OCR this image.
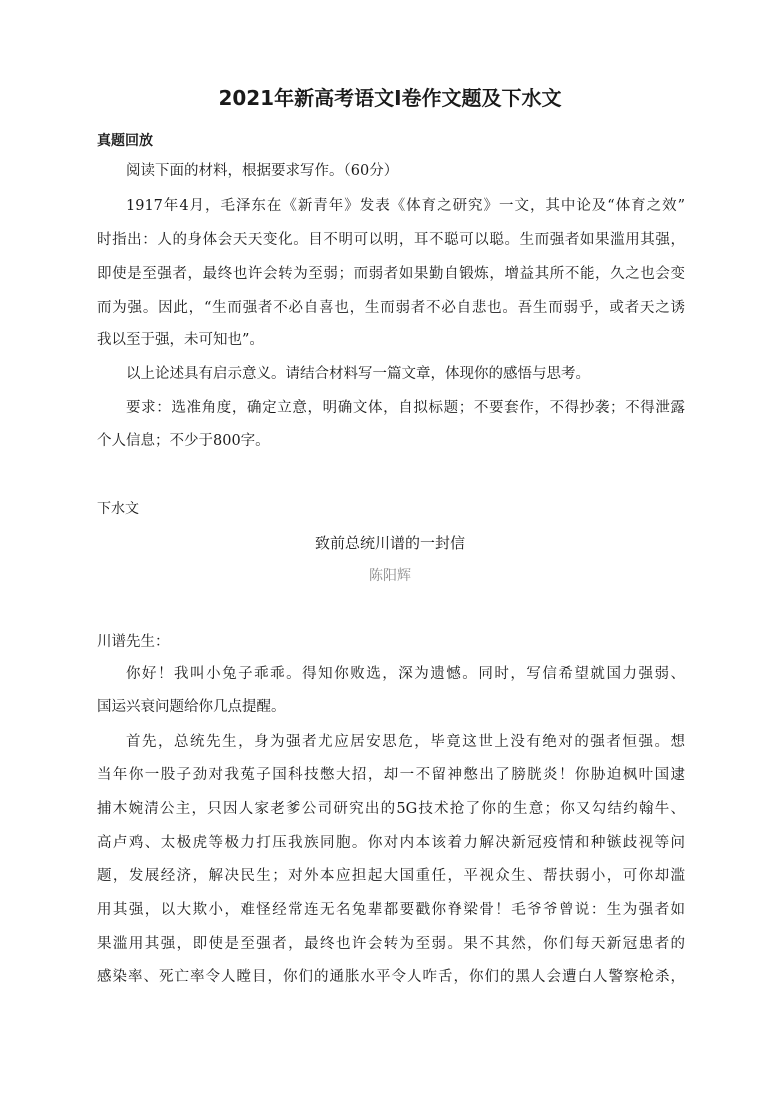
2021年新高考语文Ⅰ卷作文题及下水文
真题回放
阅读下面的材料，根据要求写作。（60分）
1917年4月，毛泽东在《新青年》发表《体育之研究》一文，其中论及“体育之效”
时指出：人的身体会天天变化。目不明可以明，耳不聪可以聪。生而强者如果滥用其强，
即使是至强者，最终也许会转为至弱；而弱者如果勤自锻炼，增益其所不能，久之也会变
而为强。因此，“生而强者不必自喜也，生而弱者不必自悲也。吾生而弱乎，或者天之诱
我以至于强，未可知也”。
以上论述具有启示意义。请结合材料写一篇文章，体现你的感悟与思考。
要求：选准角度，确定立意，明确文体，自拟标题；不要套作，不得抄袭；不得泄露
个人信息；不少于800字。
下水文
致前总统川谱的一封信
陈阳辉
川谱先生：
你好！我叫小兔子乖乖。得知你败选，深为遗憾。同时，写信希望就国力强弱、
国运兴衰问题给你几点提醒。
首先，总统先生，身为强者尤应居安思危，毕竟这世上没有绝对的强者恒强。想
当年你一股子劲对我菟子国科技憋大招，却一不留神憋出了膀胱炎！你胁迫枫叶国逮
捕木婉清公主，只因人家老爹公司研究出的5G技术抢了你的生意；你又勾结约翰牛、
高卢鸡、太极虎等极力打压我族同胞。你对内本该着力解决新冠疫情和种镞歧视等问
题，发展经济，解决民生；对外本应担起大国重任，平视众生、帮扶弱小，可你却滥
用其强，以大欺小，难怪经常连无名兔辈都要戳你脊梁骨！毛爷爷曾说：生为强者如
果滥用其强，即使是至强者，最终也许会转为至弱。果不其然，你们每天新冠患者的
感染率、死亡率令人瞠目，你们的通胀水平令人咋舌，你们的黑人会遭白人警察枪杀，
